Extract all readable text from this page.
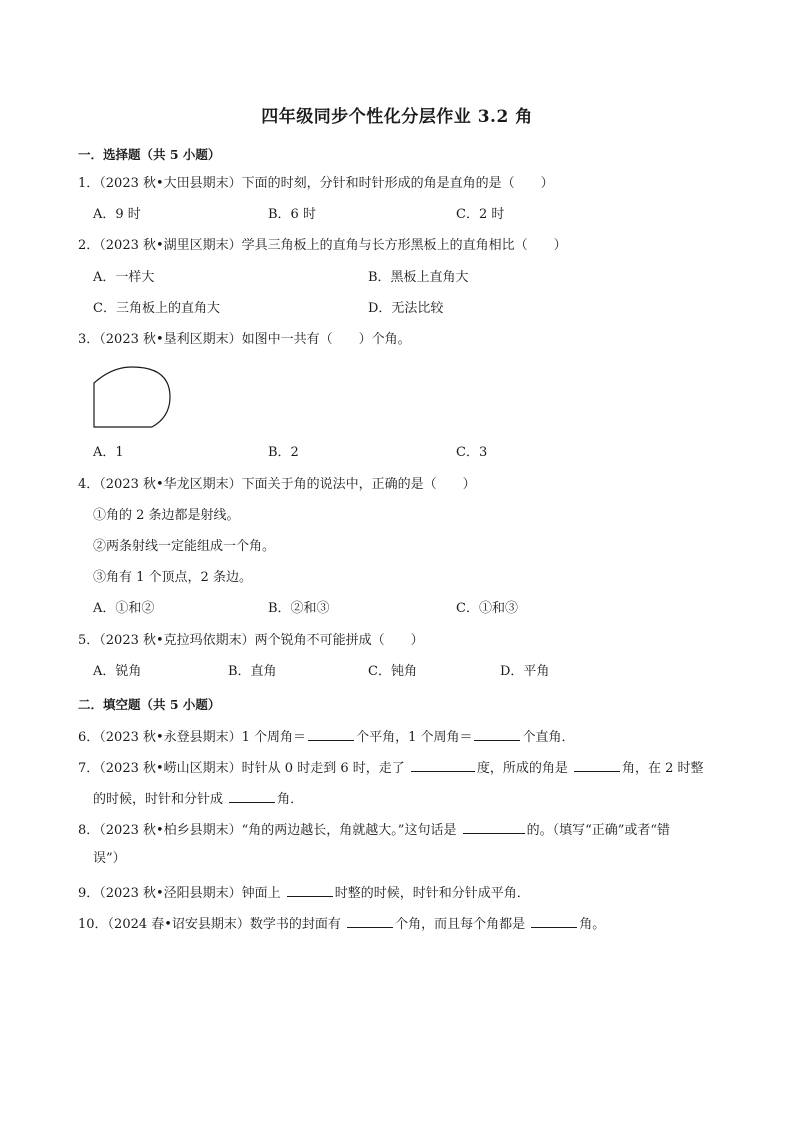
四年级同步个性化分层作业 3.2 角
一．选择题（共 5 小题）
1．（2023 秋•大田县期末）下面的时刻，分针和时针形成的角是直角的是（　　）
A．9 时	B．6 时	C．2 时
2．（2023 秋•湖里区期末）学具三角板上的直角与长方形黑板上的直角相比（　　）
A．一样大	B．黑板上直角大
C．三角板上的直角大	D．无法比较
3．（2023 秋•垦利区期末）如图中一共有（　　）个角。
A．1	B．2	C．3
4．（2023 秋•华龙区期末）下面关于角的说法中，正确的是（　　）
①角的 2 条边都是射线。
②两条射线一定能组成一个角。
③角有 1 个顶点，2 条边。
A．①和②	B．②和③	C．①和③
5．（2023 秋•克拉玛依期末）两个锐角不可能拼成（　　）
A．锐角	B．直角	C．钝角	D．平角
二．填空题（共 5 小题）
6．（2023 秋•永登县期末）1 个周角＝	个平角，1 个周角＝	个直角．
7．（2023 秋•崂山区期末）时针从 0 时走到 6 时，走了	度，所成的角是	角，在 2 时整
的时候，时针和分针成	角．
8．（2023 秋•柏乡县期末）“角的两边越长，角就越大。”这句话是	的。（填写“正确”或者“错
误”）
9．（2023 秋•泾阳县期末）钟面上	时整的时候，时针和分针成平角．
10．（2024 春•诏安县期末）数学书的封面有	个角，而且每个角都是	角。
